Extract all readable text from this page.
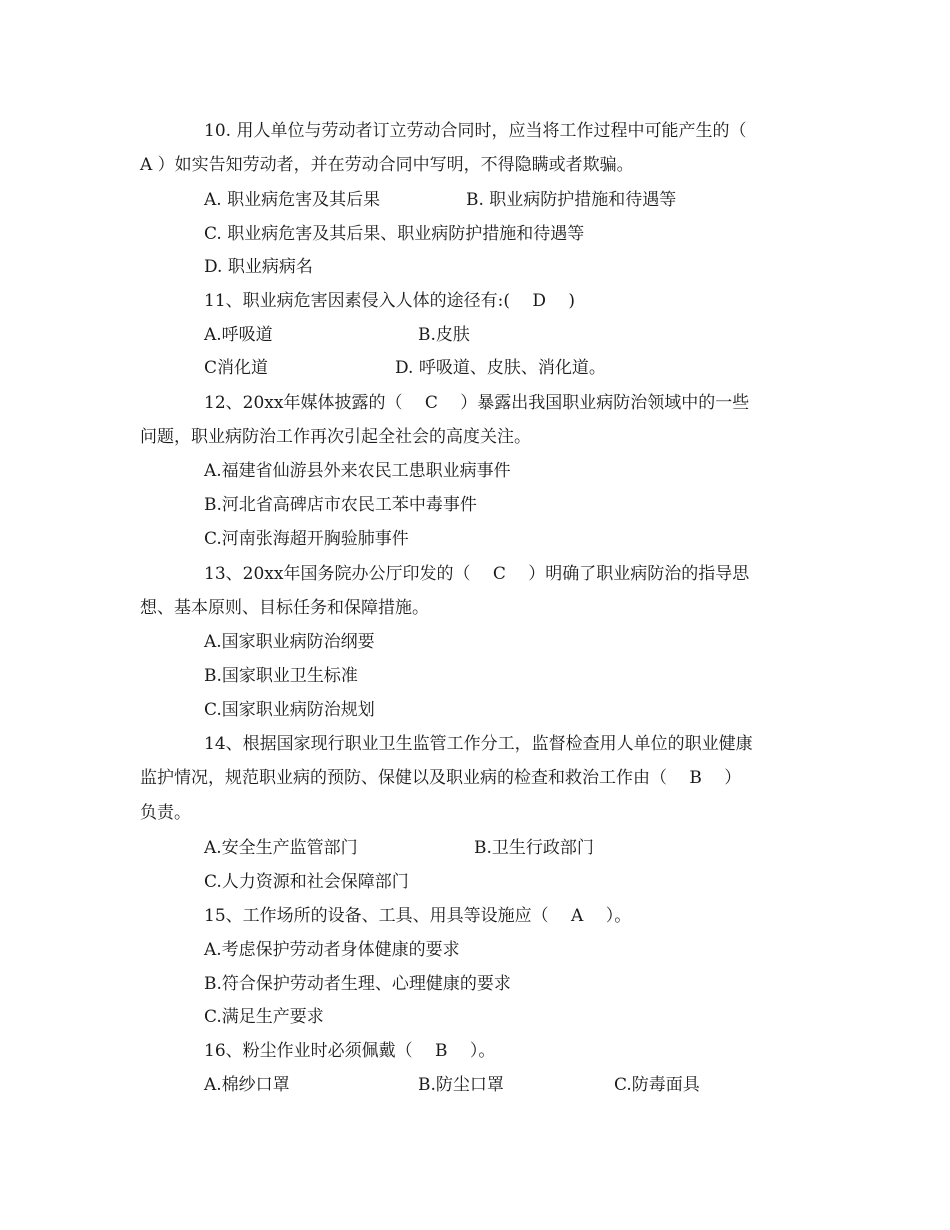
10. 用人单位与劳动者订立劳动合同时，应当将工作过程中可能产生的（
A ）如实告知劳动者，并在劳动合同中写明，不得隐瞒或者欺骗。
A. 职业病危害及其后果	B. 职业病防护措施和待遇等
C. 职业病危害及其后果、职业病防护措施和待遇等
D. 职业病病名
11、职业病危害因素侵入人体的途径有:(　 D　 )
A.呼吸道	B.皮肤
C消化道	D. 呼吸道、皮肤、消化道。
12、20xx年媒体披露的（　 C　 ）暴露出我国职业病防治领域中的一些
问题，职业病防治工作再次引起全社会的高度关注。
A.福建省仙游县外来农民工患职业病事件
B.河北省高碑店市农民工苯中毒事件
C.河南张海超开胸验肺事件
13、20xx年国务院办公厅印发的（　 C　 ）明确了职业病防治的指导思
想、基本原则、目标任务和保障措施。
A.国家职业病防治纲要
B.国家职业卫生标准
C.国家职业病防治规划
14、根据国家现行职业卫生监管工作分工，监督检查用人单位的职业健康
监护情况，规范职业病的预防、保健以及职业病的检查和救治工作由（　 B　 ）
负责。
A.安全生产监管部门	B.卫生行政部门
C.人力资源和社会保障部门
15、工作场所的设备、工具、用具等设施应（　 A　 ）。
A.考虑保护劳动者身体健康的要求
B.符合保护劳动者生理、心理健康的要求
C.满足生产要求
16、粉尘作业时必须佩戴（　 B　 ）。
A.棉纱口罩	B.防尘口罩	C.防毒面具
